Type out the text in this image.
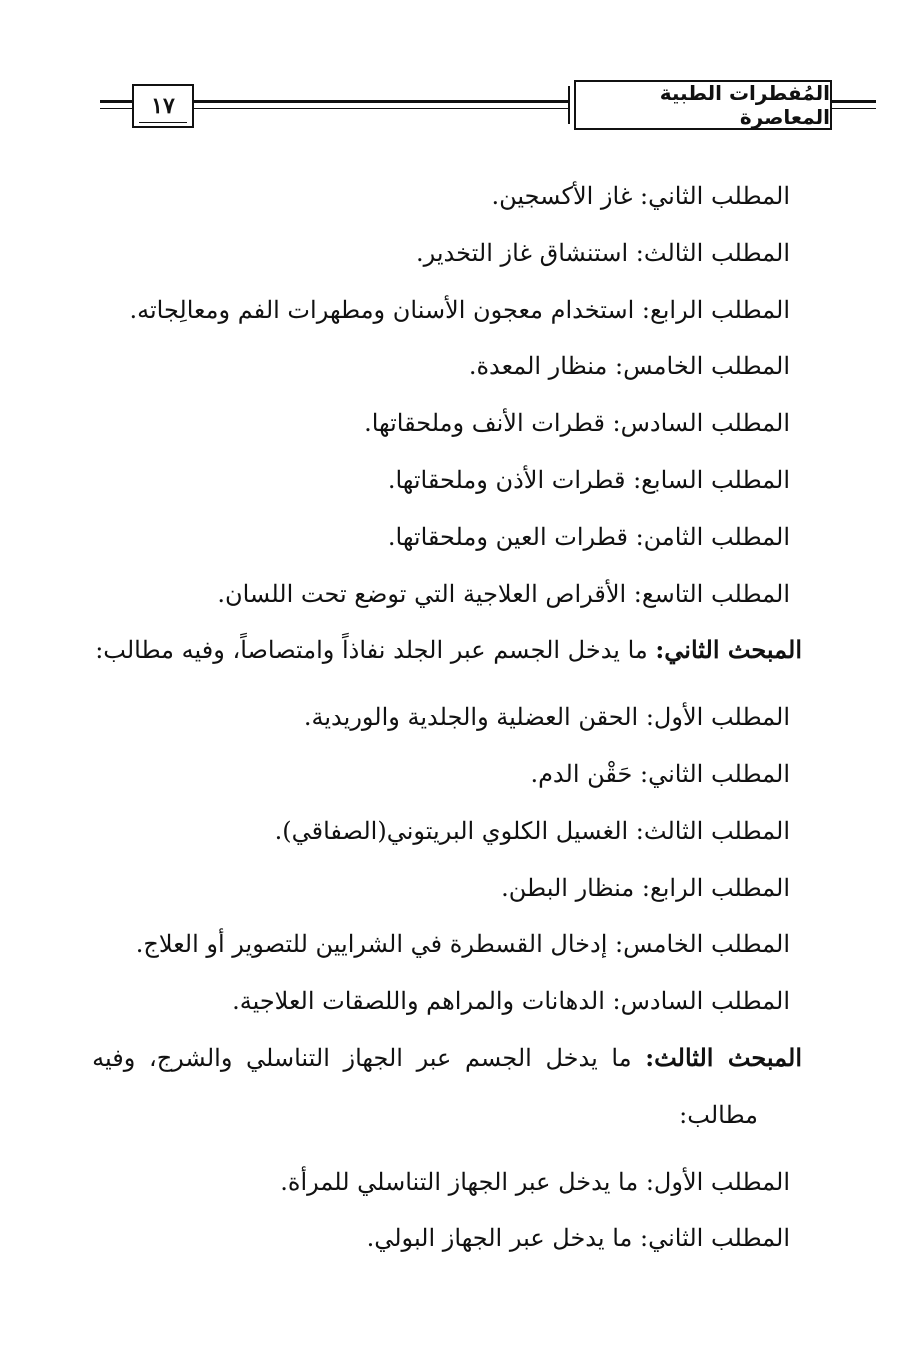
١٧	المُفطرات الطبية المعاصرة

المطلب الثاني: غاز الأكسجين.

المطلب الثالث: استنشاق غاز التخدير.

المطلب الرابع: استخدام معجون الأسنان ومطهرات الفم ومعالِجاته.

المطلب الخامس: منظار المعدة.

المطلب السادس: قطرات الأنف وملحقاتها.

المطلب السابع: قطرات الأذن وملحقاتها.

المطلب الثامن: قطرات العين وملحقاتها.

المطلب التاسع: الأقراص العلاجية التي توضع تحت اللسان.

المبحث الثاني: ما يدخل الجسم عبر الجلد نفاذاً وامتصاصاً، وفيه مطالب:

المطلب الأول: الحقن العضلية والجلدية والوريدية.

المطلب الثاني: حَقْن الدم.

المطلب الثالث: الغسيل الكلوي البريتوني(الصفاقي).

المطلب الرابع: منظار البطن.

المطلب الخامس: إدخال القسطرة في الشرايين للتصوير أو العلاج.

المطلب السادس: الدهانات والمراهم واللصقات العلاجية.

المبحث الثالث: ما يدخل الجسم عبر الجهاز التناسلي والشرج، وفيه

مطالب:

المطلب الأول: ما يدخل عبر الجهاز التناسلي للمرأة.

المطلب الثاني: ما يدخل عبر الجهاز البولي.
